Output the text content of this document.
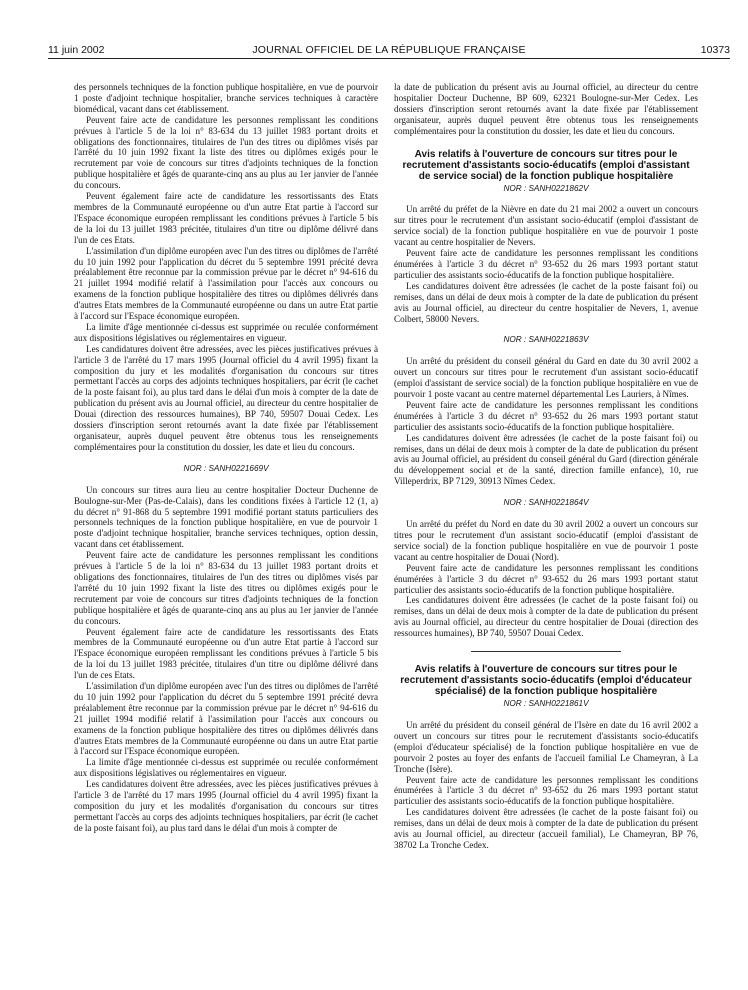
11 juin 2002	JOURNAL OFFICIEL DE LA RÉPUBLIQUE FRANÇAISE	10373

des personnels techniques de la fonction publique hospitalière, en vue de pourvoir 1 poste d'adjoint technique hospitalier, branche services techniques à caractère biomédical, vacant dans cet établissement.

Peuvent faire acte de candidature les personnes remplissant les conditions prévues à l'article 5 de la loi n° 83-634 du 13 juillet 1983 portant droits et obligations des fonctionnaires, titulaires de l'un des titres ou diplômes visés par l'arrêté du 10 juin 1992 fixant la liste des titres ou diplômes exigés pour le recrutement par voie de concours sur titres d'adjoints techniques de la fonction publique hospitalière et âgés de quarante-cinq ans au plus au 1er janvier de l'année du concours.

Peuvent également faire acte de candidature les ressortissants des Etats membres de la Communauté européenne ou d'un autre Etat partie à l'accord sur l'Espace économique européen remplissant les conditions prévues à l'article 5 bis de la loi du 13 juillet 1983 précitée, titulaires d'un titre ou diplôme délivré dans l'un de ces Etats.

L'assimilation d'un diplôme européen avec l'un des titres ou diplômes de l'arrêté du 10 juin 1992 pour l'application du décret du 5 septembre 1991 précité devra préalablement être reconnue par la commission prévue par le décret n° 94-616 du 21 juillet 1994 modifié relatif à l'assimilation pour l'accès aux concours ou examens de la fonction publique hospitalière des titres ou diplômes délivrés dans d'autres Etats membres de la Communauté européenne ou dans un autre Etat partie à l'accord sur l'Espace économique européen.

La limite d'âge mentionnée ci-dessus est supprimée ou reculée conformément aux dispositions législatives ou réglementaires en vigueur.

Les candidatures doivent être adressées, avec les pièces justificatives prévues à l'article 3 de l'arrêté du 17 mars 1995 (Journal officiel du 4 avril 1995) fixant la composition du jury et les modalités d'organisation du concours sur titres permettant l'accès au corps des adjoints techniques hospitaliers, par écrit (le cachet de la poste faisant foi), au plus tard dans le délai d'un mois à compter de la date de publication du présent avis au Journal officiel, au directeur du centre hospitalier de Douai (direction des ressources humaines), BP 740, 59507 Douai Cedex. Les dossiers d'inscription seront retournés avant la date fixée par l'établissement organisateur, auprès duquel peuvent être obtenus tous les renseignements complémentaires pour la constitution du dossier, les date et lieu du concours.

NOR : SANH0221669V

Un concours sur titres aura lieu au centre hospitalier Docteur Duchenne de Boulogne-sur-Mer (Pas-de-Calais), dans les conditions fixées à l'article 12 (1, a) du décret n° 91-868 du 5 septembre 1991 modifié portant statuts particuliers des personnels techniques de la fonction publique hospitalière, en vue de pourvoir 1 poste d'adjoint technique hospitalier, branche services techniques, option dessin, vacant dans cet établissement.

Peuvent faire acte de candidature les personnes remplissant les conditions prévues à l'article 5 de la loi n° 83-634 du 13 juillet 1983 portant droits et obligations des fonctionnaires, titulaires de l'un des titres ou diplômes visés par l'arrêté du 10 juin 1992 fixant la liste des titres ou diplômes exigés pour le recrutement par voie de concours sur titres d'adjoints techniques de la fonction publique hospitalière et âgés de quarante-cinq ans au plus au 1er janvier de l'année du concours.

Peuvent également faire acte de candidature les ressortissants des Etats membres de la Communauté européenne ou d'un autre Etat partie à l'accord sur l'Espace économique européen remplissant les conditions prévues à l'article 5 bis de la loi du 13 juillet 1983 précitée, titulaires d'un titre ou diplôme délivré dans l'un de ces Etats.

L'assimilation d'un diplôme européen avec l'un des titres ou diplômes de l'arrêté du 10 juin 1992 pour l'application du décret du 5 septembre 1991 précité devra préalablement être reconnue par la commission prévue par le décret n° 94-616 du 21 juillet 1994 modifié relatif à l'assimilation pour l'accès aux concours ou examens de la fonction publique hospitalière des titres ou diplômes délivrés dans d'autres Etats membres de la Communauté européenne ou dans un autre Etat partie à l'accord sur l'Espace économique européen.

La limite d'âge mentionnée ci-dessus est supprimée ou reculée conformément aux dispositions législatives ou réglementaires en vigueur.

Les candidatures doivent être adressées, avec les pièces justificatives prévues à l'article 3 de l'arrêté du 17 mars 1995 (Journal officiel du 4 avril 1995) fixant la composition du jury et les modalités d'organisation du concours sur titres permettant l'accès au corps des adjoints techniques hospitaliers, par écrit (le cachet de la poste faisant foi), au plus tard dans le délai d'un mois à compter de

la date de publication du présent avis au Journal officiel, au directeur du centre hospitalier Docteur Duchenne, BP 609, 62321 Boulogne-sur-Mer Cedex. Les dossiers d'inscription seront retournés avant la date fixée par l'établissement organisateur, auprès duquel peuvent être obtenus tous les renseignements complémentaires pour la constitution du dossier, les date et lieu du concours.

Avis relatifs à l'ouverture de concours sur titres pour le recrutement d'assistants socio-éducatifs (emploi d'assistant de service social) de la fonction publique hospitalière
NOR : SANH0221862V

Un arrêté du préfet de la Nièvre en date du 21 mai 2002 a ouvert un concours sur titres pour le recrutement d'un assistant socio-éducatif (emploi d'assistant de service social) de la fonction publique hospitalière en vue de pourvoir 1 poste vacant au centre hospitalier de Nevers.

Peuvent faire acte de candidature les personnes remplissant les conditions énumérées à l'article 3 du décret n° 93-652 du 26 mars 1993 portant statut particulier des assistants socio-éducatifs de la fonction publique hospitalière.

Les candidatures doivent être adressées (le cachet de la poste faisant foi) ou remises, dans un délai de deux mois à compter de la date de publication du présent avis au Journal officiel, au directeur du centre hospitalier de Nevers, 1, avenue Colbert, 58000 Nevers.

NOR : SANH0221863V

Un arrêté du président du conseil général du Gard en date du 30 avril 2002 a ouvert un concours sur titres pour le recrutement d'un assistant socio-éducatif (emploi d'assistant de service social) de la fonction publique hospitalière en vue de pourvoir 1 poste vacant au centre maternel départemental Les Lauriers, à Nîmes.

Peuvent faire acte de candidature les personnes remplissant les conditions énumérées à l'article 3 du décret n° 93-652 du 26 mars 1993 portant statut particulier des assistants socio-éducatifs de la fonction publique hospitalière.

Les candidatures doivent être adressées (le cachet de la poste faisant foi) ou remises, dans un délai de deux mois à compter de la date de publication du présent avis au Journal officiel, au président du conseil général du Gard (direction générale du développement social et de la santé, direction famille enfance), 10, rue Villeperdrix, BP 7129, 30913 Nîmes Cedex.

NOR : SANH0221864V

Un arrêté du préfet du Nord en date du 30 avril 2002 a ouvert un concours sur titres pour le recrutement d'un assistant socio-éducatif (emploi d'assistant de service social) de la fonction publique hospitalière en vue de pourvoir 1 poste vacant au centre hospitalier de Douai (Nord).

Peuvent faire acte de candidature les personnes remplissant les conditions énumérées à l'article 3 du décret n° 93-652 du 26 mars 1993 portant statut particulier des assistants socio-éducatifs de la fonction publique hospitalière.

Les candidatures doivent être adressées (le cachet de la poste faisant foi) ou remises, dans un délai de deux mois à compter de la date de publication du présent avis au Journal officiel, au directeur du centre hospitalier de Douai (direction des ressources humaines), BP 740, 59507 Douai Cedex.

Avis relatifs à l'ouverture de concours sur titres pour le recrutement d'assistants socio-éducatifs (emploi d'éducateur spécialisé) de la fonction publique hospitalière
NOR : SANH0221861V

Un arrêté du président du conseil général de l'Isère en date du 16 avril 2002 a ouvert un concours sur titres pour le recrutement d'assistants socio-éducatifs (emploi d'éducateur spécialisé) de la fonction publique hospitalière en vue de pourvoir 2 postes au foyer des enfants de l'accueil familial Le Chameyran, à La Tronche (Isère).

Peuvent faire acte de candidature les personnes remplissant les conditions énumérées à l'article 3 du décret n° 93-652 du 26 mars 1993 portant statut particulier des assistants socio-éducatifs de la fonction publique hospitalière.

Les candidatures doivent être adressées (le cachet de la poste faisant foi) ou remises, dans un délai de deux mois à compter de la date de publication du présent avis au Journal officiel, au directeur (accueil familial), Le Chameyran, BP 76, 38702 La Tronche Cedex.
